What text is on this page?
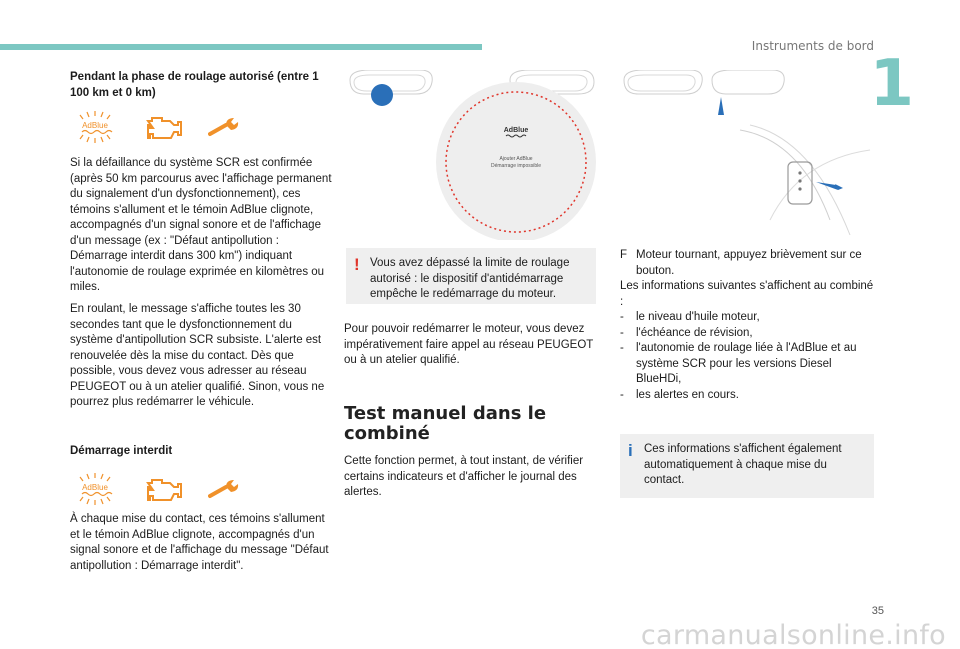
Instruments de bord
1
Pendant la phase de roulage autorisé (entre 1 100 km et 0 km)
AdBlue
Si la défaillance du système SCR est confirmée (après 50 km parcourus avec l'affichage permanent du signalement d'un dysfonctionnement), ces témoins s'allument et le témoin AdBlue clignote, accompagnés d'un signal sonore et de l'affichage d'un message (ex : "Défaut antipollution : Démarrage interdit dans 300 km") indiquant l'autonomie de roulage exprimée en kilomètres ou miles.
En roulant, le message s'affiche toutes les 30 secondes tant que le dysfonctionnement du système d'antipollution SCR subsiste. L'alerte est renouvelée dès la mise du contact. Dès que possible, vous devez vous adresser au réseau PEUGEOT ou à un atelier qualifié. Sinon, vous ne pourrez plus redémarrer le véhicule.
Démarrage interdit
AdBlue
À chaque mise du contact, ces témoins s'allument et le témoin AdBlue clignote, accompagnés d'un signal sonore et de l'affichage du message "Défaut antipollution : Démarrage interdit".
AdBlue
Ajouter AdBlue
Démarrage impossible
! Vous avez dépassé la limite de roulage autorisé : le dispositif d'antidémarrage empêche le redémarrage du moteur.
Pour pouvoir redémarrer le moteur, vous devez impérativement faire appel au réseau PEUGEOT ou à un atelier qualifié.
Test manuel dans le combiné
Cette fonction permet, à tout instant, de vérifier certains indicateurs et d'afficher le journal des alertes.
F Moteur tournant, appuyez brièvement sur ce bouton.
Les informations suivantes s'affichent au combiné :
- le niveau d'huile moteur,
- l'échéance de révision,
- l'autonomie de roulage liée à l'AdBlue et au système SCR pour les versions Diesel BlueHDi,
- les alertes en cours.
i Ces informations s'affichent également automatiquement à chaque mise du contact.
35
carmanualsonline.info
